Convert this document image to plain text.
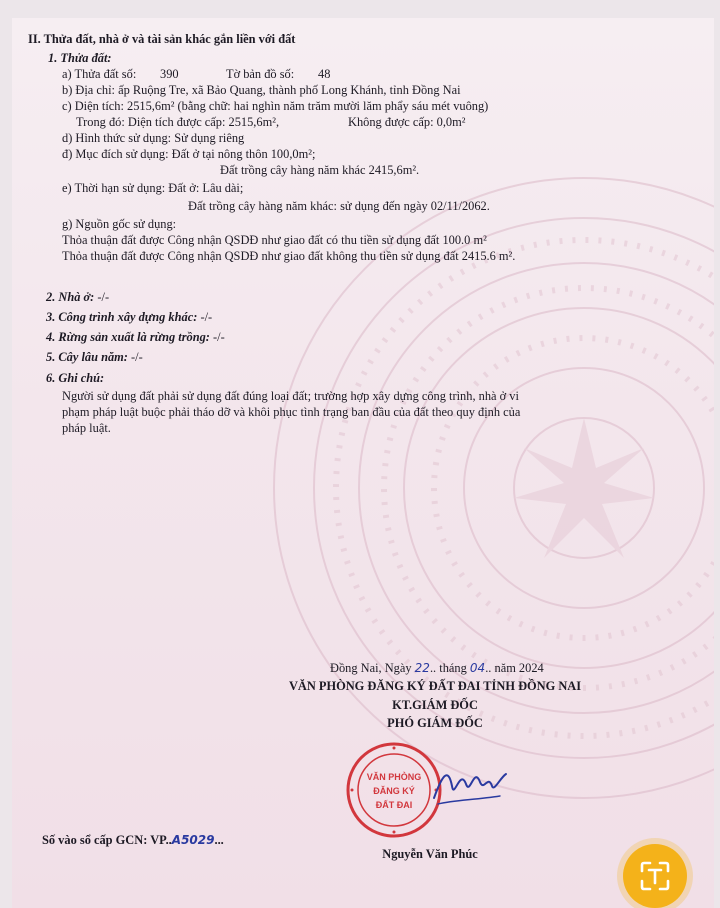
II. Thửa đất, nhà ở và tài sản khác gắn liền với đất
1. Thửa đất:
a) Thửa đất số: 390	Tờ bản đồ số: 48
b) Địa chỉ: ấp Ruộng Tre, xã Bảo Quang, thành phố Long Khánh, tỉnh Đồng Nai
c) Diện tích: 2515,6m² (bằng chữ: hai nghìn năm trăm mười lăm phẩy sáu mét vuông)
Trong đó: Diện tích được cấp: 2515,6m²,	Không được cấp: 0,0m²
d) Hình thức sử dụng: Sử dụng riêng
đ) Mục đích sử dụng: Đất ở tại nông thôn 100,0m²;
Đất trồng cây hàng năm khác 2415,6m².
e) Thời hạn sử dụng: Đất ở: Lâu dài;
Đất trồng cây hàng năm khác: sử dụng đến ngày 02/11/2062.
g) Nguồn gốc sử dụng:
Thỏa thuận đất được Công nhận QSDĐ như giao đất có thu tiền sử dụng đất 100.0 m²
Thỏa thuận đất được Công nhận QSDĐ như giao đất không thu tiền sử dụng đất 2415.6 m².
2. Nhà ở: -/-
3. Công trình xây dựng khác: -/-
4. Rừng sản xuất là rừng trồng: -/-
5. Cây lâu năm: -/-
6. Ghi chú:
Người sử dụng đất phải sử dụng đất đúng loại đất; trường hợp xây dựng công trình, nhà ở vi
phạm pháp luật buộc phải tháo dỡ và khôi phục tình trạng ban đầu của đất theo quy định của
pháp luật.
Đồng Nai, Ngày 22.. tháng 04.. năm 2024
VĂN PHÒNG ĐĂNG KÝ ĐẤT ĐAI TỈNH ĐỒNG NAI
KT.GIÁM ĐỐC
PHÓ GIÁM ĐỐC
Số vào sổ cấp GCN: VP..A5029...
Nguyễn Văn Phúc
VĂN PHÒNG
ĐĂNG KÝ
ĐẤT ĐAI
